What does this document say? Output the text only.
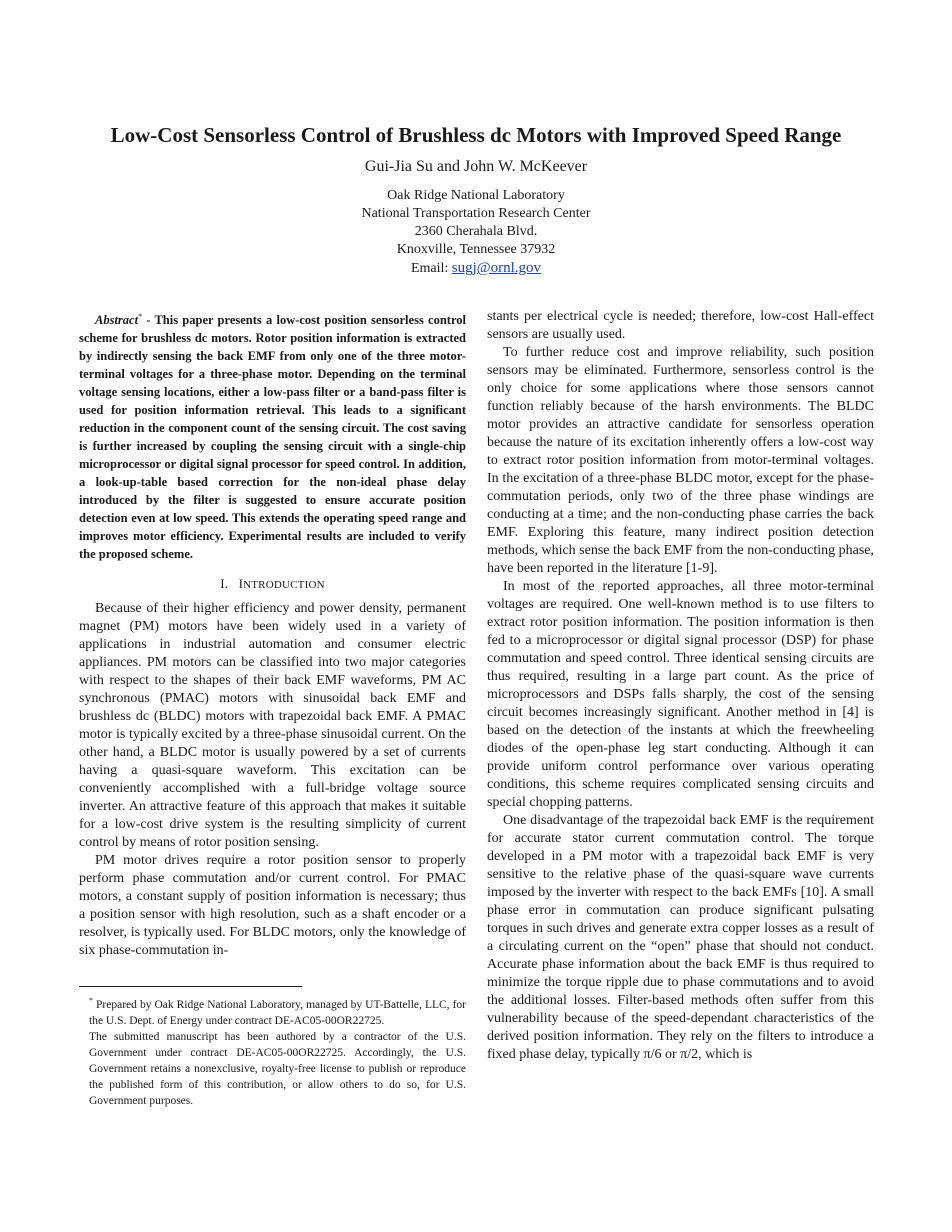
Low-Cost Sensorless Control of Brushless dc Motors with Improved Speed Range
Gui-Jia Su and John W. McKeever
Oak Ridge National Laboratory
National Transportation Research Center
2360 Cherahala Blvd.
Knoxville, Tennessee 37932
Email: sugj@ornl.gov

Abstract* - This paper presents a low-cost position sensorless control scheme for brushless dc motors. Rotor position information is extracted by indirectly sensing the back EMF from only one of the three motor-terminal voltages for a three-phase motor. Depending on the terminal voltage sensing locations, either a low-pass filter or a band-pass filter is used for position information retrieval. This leads to a significant reduction in the component count of the sensing circuit. The cost saving is further increased by coupling the sensing circuit with a single-chip microprocessor or digital signal processor for speed control. In addition, a look-up-table based correction for the non-ideal phase delay introduced by the filter is suggested to ensure accurate position detection even at low speed. This extends the operating speed range and improves motor efficiency. Experimental results are included to verify the proposed scheme.

I. INTRODUCTION

Because of their higher efficiency and power density, permanent magnet (PM) motors have been widely used in a variety of applications in industrial automation and consumer electric appliances. PM motors can be classified into two major categories with respect to the shapes of their back EMF waveforms, PM AC synchronous (PMAC) motors with sinusoidal back EMF and brushless dc (BLDC) motors with trapezoidal back EMF. A PMAC motor is typically excited by a three-phase sinusoidal current. On the other hand, a BLDC motor is usually powered by a set of currents having a quasi-square waveform. This excitation can be conveniently accomplished with a full-bridge voltage source inverter. An attractive feature of this approach that makes it suitable for a low-cost drive system is the resulting simplicity of current control by means of rotor position sensing.

PM motor drives require a rotor position sensor to properly perform phase commutation and/or current control. For PMAC motors, a constant supply of position information is necessary; thus a position sensor with high resolution, such as a shaft encoder or a resolver, is typically used. For BLDC motors, only the knowledge of six phase-commutation in-

* Prepared by Oak Ridge National Laboratory, managed by UT-Battelle, LLC, for the U.S. Dept. of Energy under contract DE-AC05-00OR22725.

The submitted manuscript has been authored by a contractor of the U.S. Government under contract DE-AC05-00OR22725. Accordingly, the U.S. Government retains a nonexclusive, royalty-free license to publish or reproduce the published form of this contribution, or allow others to do so, for U.S. Government purposes.

stants per electrical cycle is needed; therefore, low-cost Hall-effect sensors are usually used.

To further reduce cost and improve reliability, such position sensors may be eliminated. Furthermore, sensorless control is the only choice for some applications where those sensors cannot function reliably because of the harsh environments. The BLDC motor provides an attractive candidate for sensorless operation because the nature of its excitation inherently offers a low-cost way to extract rotor position information from motor-terminal voltages. In the excitation of a three-phase BLDC motor, except for the phase-commutation periods, only two of the three phase windings are conducting at a time; and the non-conducting phase carries the back EMF. Exploring this feature, many indirect position detection methods, which sense the back EMF from the non-conducting phase, have been reported in the literature [1-9].

In most of the reported approaches, all three motor-terminal voltages are required. One well-known method is to use filters to extract rotor position information. The position information is then fed to a microprocessor or digital signal processor (DSP) for phase commutation and speed control. Three identical sensing circuits are thus required, resulting in a large part count. As the price of microprocessors and DSPs falls sharply, the cost of the sensing circuit becomes increasingly significant. Another method in [4] is based on the detection of the instants at which the freewheeling diodes of the open-phase leg start conducting. Although it can provide uniform control performance over various operating conditions, this scheme requires complicated sensing circuits and special chopping patterns.

One disadvantage of the trapezoidal back EMF is the requirement for accurate stator current commutation control. The torque developed in a PM motor with a trapezoidal back EMF is very sensitive to the relative phase of the quasi-square wave currents imposed by the inverter with respect to the back EMFs [10]. A small phase error in commutation can produce significant pulsating torques in such drives and generate extra copper losses as a result of a circulating current on the “open” phase that should not conduct. Accurate phase information about the back EMF is thus required to minimize the torque ripple due to phase commutations and to avoid the additional losses. Filter-based methods often suffer from this vulnerability because of the speed-dependant characteristics of the derived position information. They rely on the filters to introduce a fixed phase delay, typically π/6 or π/2, which is
